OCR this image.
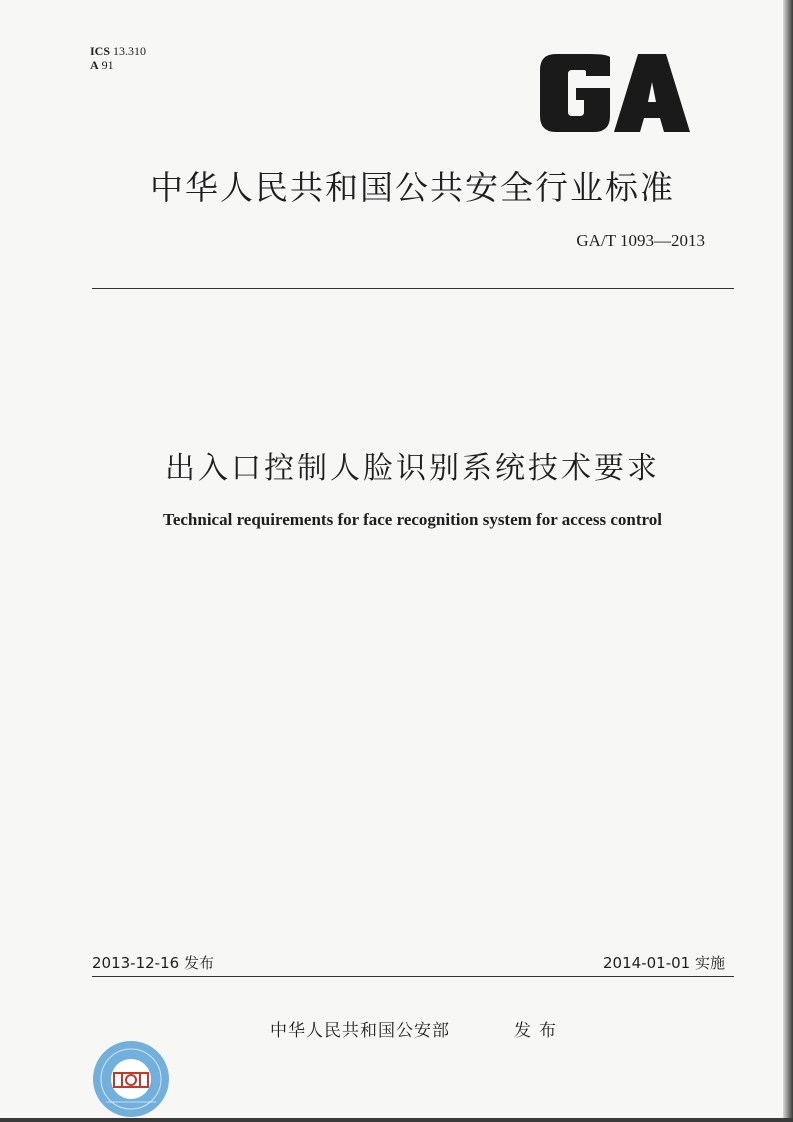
ICS 13.310
A 91
中华人民共和国公共安全行业标准
GA/T 1093—2013
出入口控制人脸识别系统技术要求
Technical requirements for face recognition system for access control
2013-12-16 发布	2014-01-01 实施
中华人民共和国公安部	发布
